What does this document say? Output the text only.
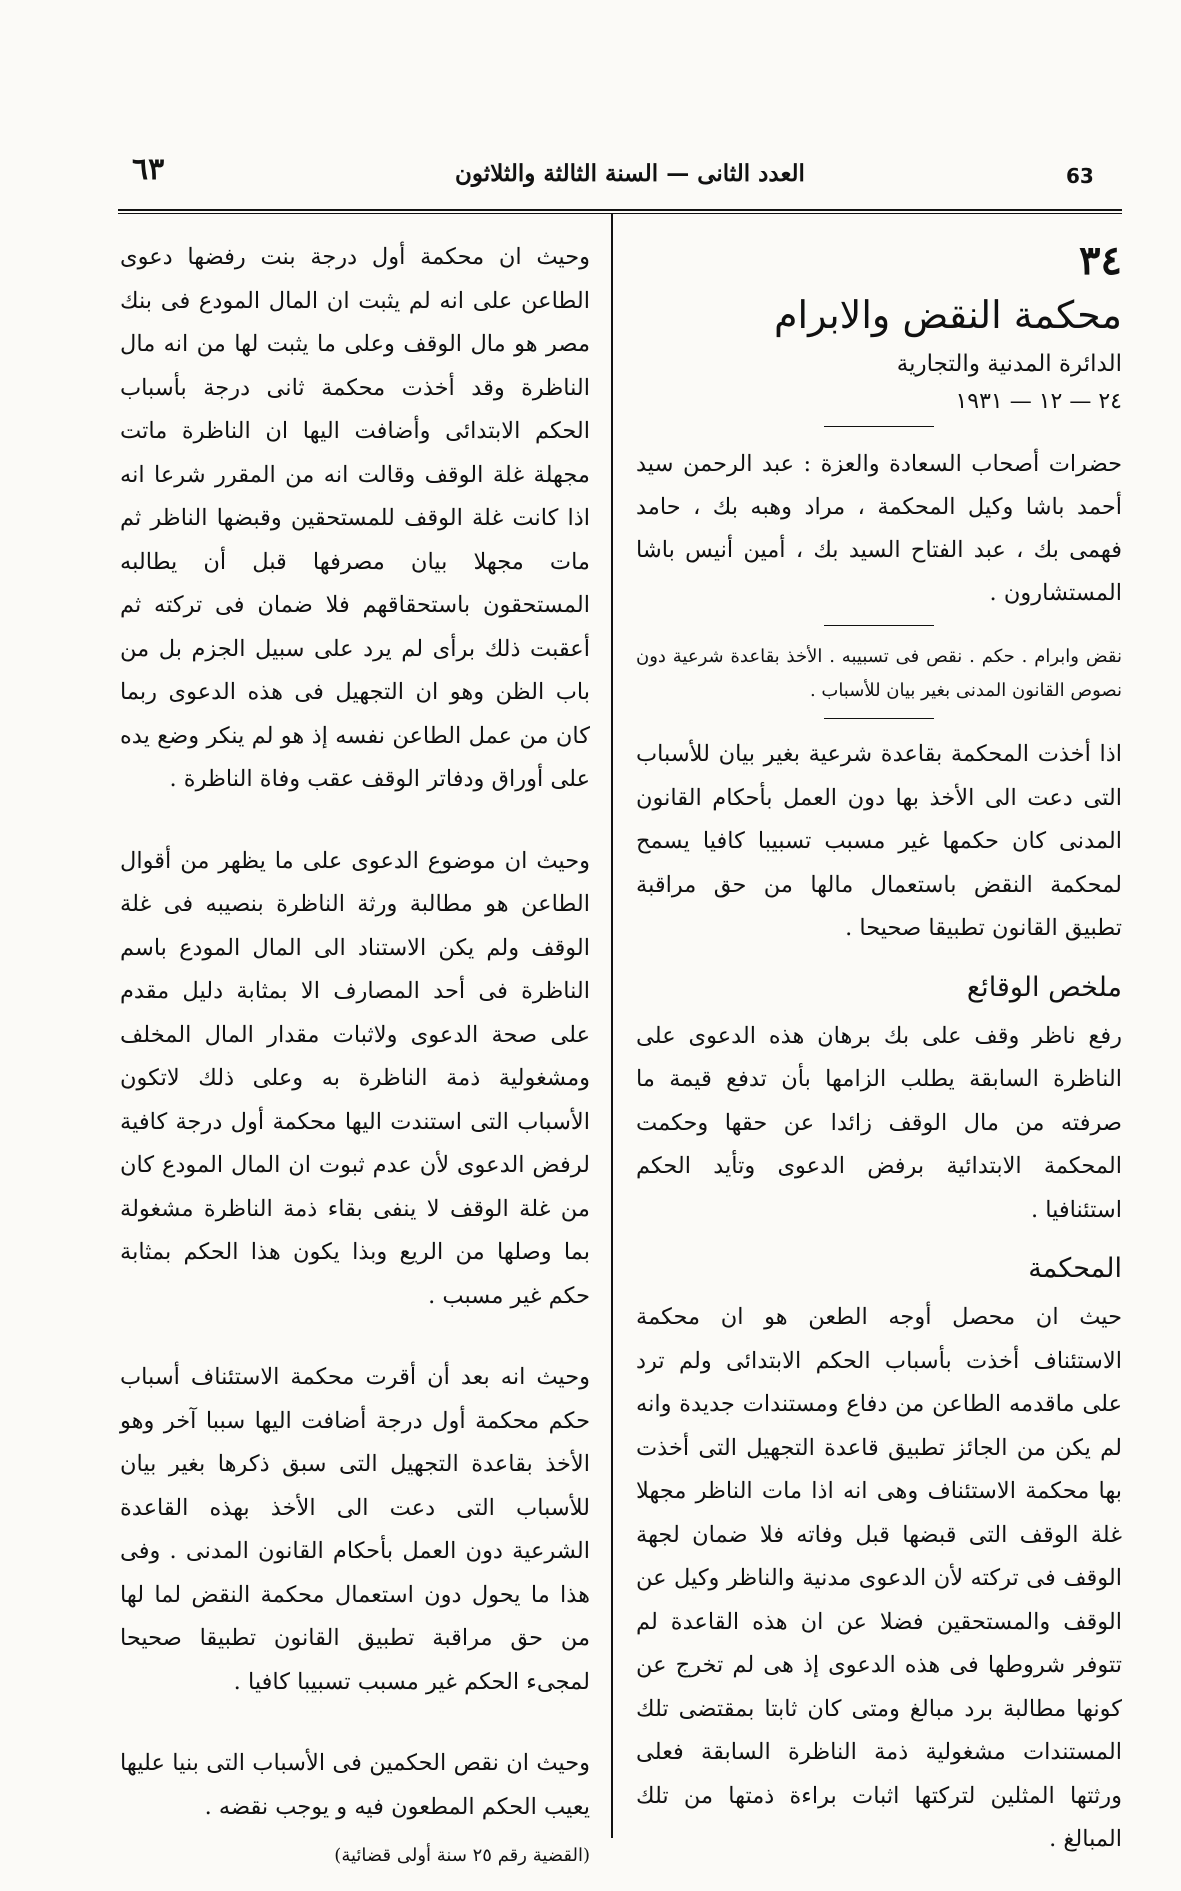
٦٣	العدد الثانى — السنة الثالثة والثلاثون	63

٣٤

محكمة النقض والابرام

الدائرة المدنية والتجارية

٢٤ — ١٢ — ١٩٣١

حضرات أصحاب السعادة والعزة : عبد الرحمن سيد أحمد باشا وكيل المحكمة ، مراد وهبه بك ، حامد فهمى بك ، عبد الفتاح السيد بك ، أمين أنيس باشا المستشارون .

نقض وابرام . حكم . نقص فى تسبيبه . الأخذ بقاعدة شرعية دون نصوص القانون المدنى بغير بيان للأسباب .

اذا أخذت المحكمة بقاعدة شرعية بغير بيان للأسباب التى دعت الى الأخذ بها دون العمل بأحكام القانون المدنى كان حكمها غير مسبب تسبيبا كافيا يسمح لمحكمة النقض باستعمال مالها من حق مراقبة تطبيق القانون تطبيقا صحيحا .

ملخص الوقائع

رفع ناظر وقف على بك برهان هذه الدعوى على الناظرة السابقة يطلب الزامها بأن تدفع قيمة ما صرفته من مال الوقف زائدا عن حقها وحكمت المحكمة الابتدائية برفض الدعوى وتأيد الحكم استئنافيا .

المحكمة

حيث ان محصل أوجه الطعن هو ان محكمة الاستئناف أخذت بأسباب الحكم الابتدائى ولم ترد على ماقدمه الطاعن من دفاع ومستندات جديدة وانه لم يكن من الجائز تطبيق قاعدة التجهيل التى أخذت بها محكمة الاستئناف وهى انه اذا مات الناظر مجهلا غلة الوقف التى قبضها قبل وفاته فلا ضمان لجهة الوقف فى تركته لأن الدعوى مدنية والناظر وكيل عن الوقف والمستحقين فضلا عن ان هذه القاعدة لم تتوفر شروطها فى هذه الدعوى إذ هى لم تخرج عن كونها مطالبة برد مبالغ ومتى كان ثابتا بمقتضى تلك المستندات مشغولية ذمة الناظرة السابقة فعلى ورثتها المثلين لتركتها اثبات براءة ذمتها من تلك المبالغ .

وحيث ان محكمة أول درجة بنت رفضها دعوى الطاعن على انه لم يثبت ان المال المودع فى بنك مصر هو مال الوقف وعلى ما يثبت لها من انه مال الناظرة وقد أخذت محكمة ثانى درجة بأسباب الحكم الابتدائى وأضافت اليها ان الناظرة ماتت مجهلة غلة الوقف وقالت انه من المقرر شرعا انه اذا كانت غلة الوقف للمستحقين وقبضها الناظر ثم مات مجهلا بيان مصرفها قبل أن يطالبه المستحقون باستحقاقهم فلا ضمان فى تركته ثم أعقبت ذلك برأى لم يرد على سبيل الجزم بل من باب الظن وهو ان التجهيل فى هذه الدعوى ربما كان من عمل الطاعن نفسه إذ هو لم ينكر وضع يده على أوراق ودفاتر الوقف عقب وفاة الناظرة .

وحيث ان موضوع الدعوى على ما يظهر من أقوال الطاعن هو مطالبة ورثة الناظرة بنصيبه فى غلة الوقف ولم يكن الاستناد الى المال المودع باسم الناظرة فى أحد المصارف الا بمثابة دليل مقدم على صحة الدعوى ولاثبات مقدار المال المخلف ومشغولية ذمة الناظرة به وعلى ذلك لاتكون الأسباب التى استندت اليها محكمة أول درجة كافية لرفض الدعوى لأن عدم ثبوت ان المال المودع كان من غلة الوقف لا ينفى بقاء ذمة الناظرة مشغولة بما وصلها من الريع وبذا يكون هذا الحكم بمثابة حكم غير مسبب .

وحيث انه بعد أن أقرت محكمة الاستئناف أسباب حكم محكمة أول درجة أضافت اليها سببا آخر وهو الأخذ بقاعدة التجهيل التى سبق ذكرها بغير بيان للأسباب التى دعت الى الأخذ بهذه القاعدة الشرعية دون العمل بأحكام القانون المدنى . وفى هذا ما يحول دون استعمال محكمة النقض لما لها من حق مراقبة تطبيق القانون تطبيقا صحيحا لمجىء الحكم غير مسبب تسبيبا كافيا .

وحيث ان نقص الحكمين فى الأسباب التى بنيا عليها يعيب الحكم المطعون فيه و يوجب نقضه .

(القضية رقم ٢٥ سنة أولى قضائية)
